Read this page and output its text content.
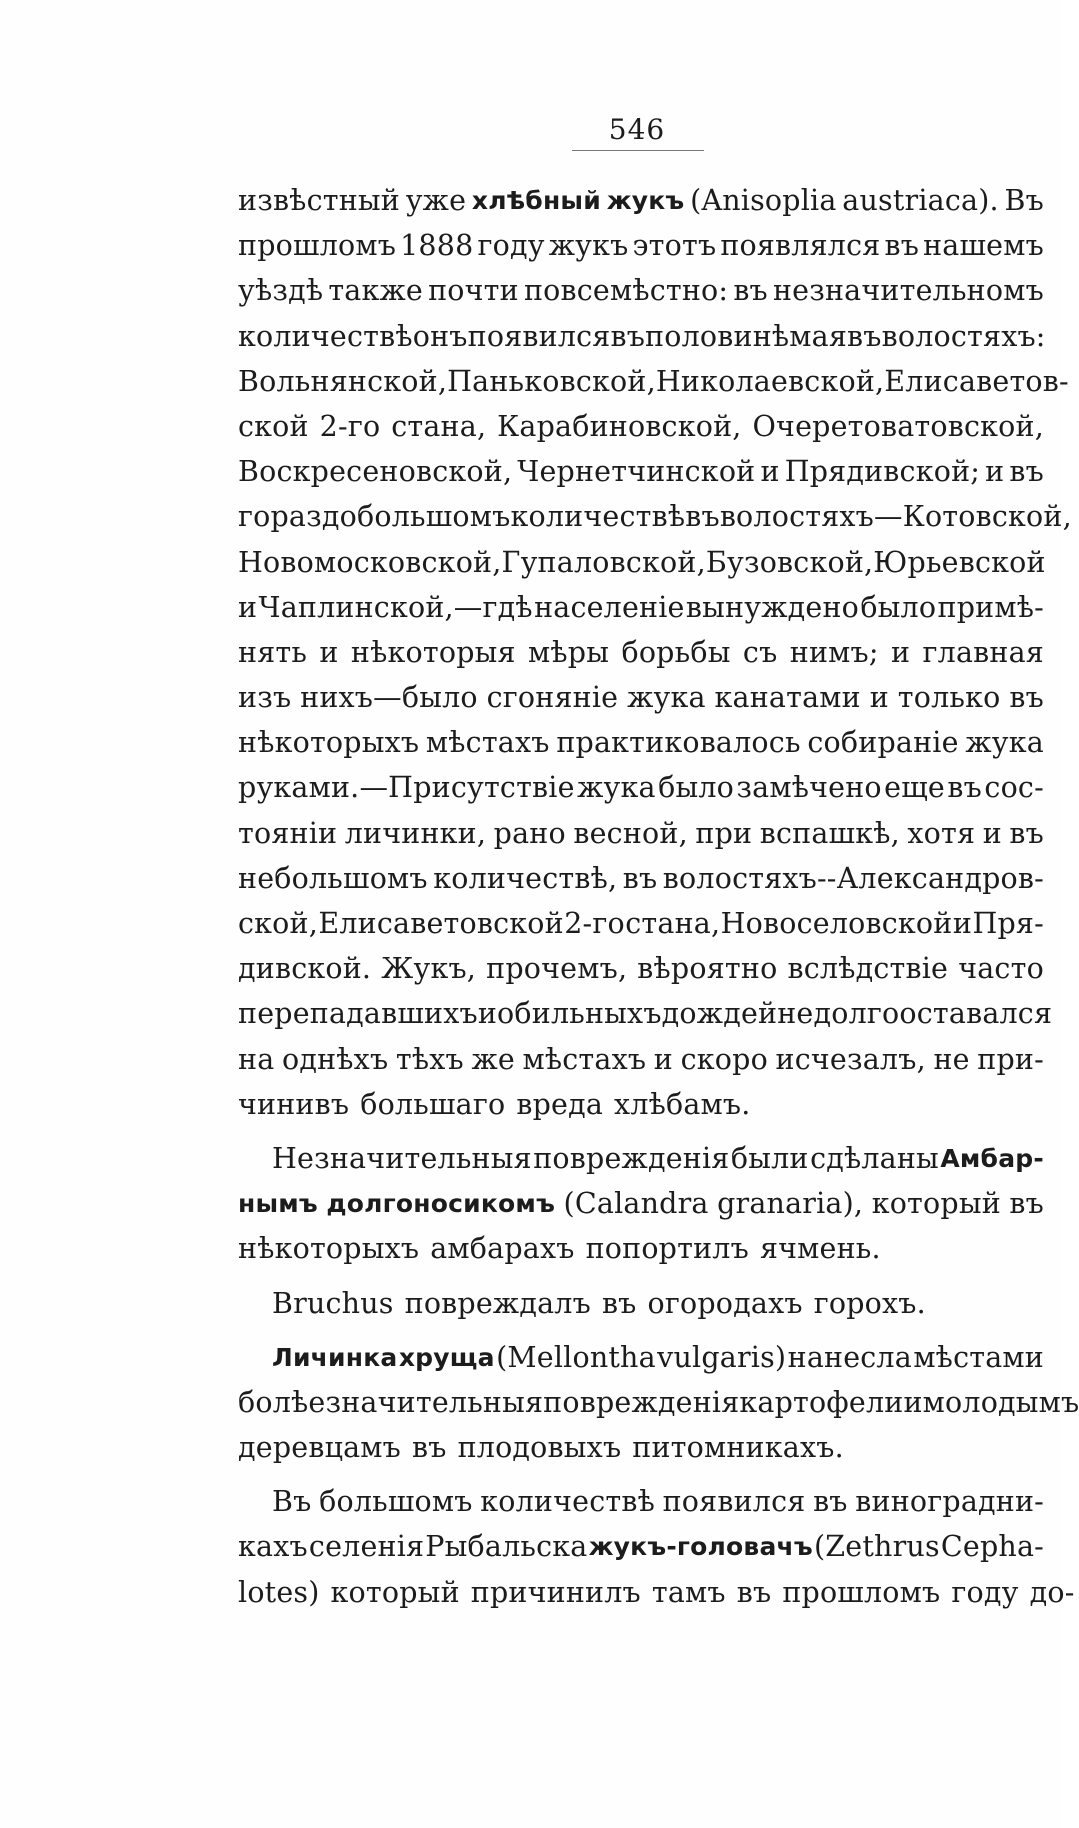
546
извѣстный уже хлѣбный жукъ (Anisoplia austriaca). Въ
прошломъ 1888 году жукъ этотъ появлялся въ нашемъ
уѣздѣ также почти повсемѣстно: въ незначительномъ
количествѣ онъ появился въ половинѣ мая въ волостяхъ:
Вольнянской, Паньковской, Николаевской, Елисаветов-
ской 2-го стана, Карабиновской, Очеретоватовской,
Воскресеновской, Чернетчинской и Прядивской; и въ
гораздо большомъ количествѣ въ волостяхъ—Котовской,
Новомосковской, Гупаловской, Бузовской, Юрьевской
и Чаплинской,—гдѣ населеніе вынуждено было примѣ-
нять и нѣкоторыя мѣры борьбы съ нимъ; и главная
изъ нихъ—было сгоняніе жука канатами и только въ
нѣкоторыхъ мѣстахъ практиковалось собираніе жука
руками.—Присутствіе жука было замѣчено еще въ сос-
тояніи личинки, рано весной, при вспашкѣ, хотя и въ
небольшомъ количествѣ, въ волостяхъ--Александров-
ской, Елисаветовской 2-го стана, Новоселовской и Пря-
дивской. Жукъ, прочемъ, вѣроятно вслѣдствіе часто
перепадавшихъ и обильныхъ дождей не долго оставался
на однѣхъ тѣхъ же мѣстахъ и скоро исчезалъ, не при-
чинивъ большаго вреда хлѣбамъ.
Незначительныя поврежденія были сдѣланы Амбар-
нымъ долгоносикомъ (Calandra granaria), который въ
нѣкоторыхъ амбарахъ попортилъ ячмень.
Bruchus повреждалъ въ огородахъ горохъ.
Личинка хруща (Mellontha vulgaris) нанесла мѣстами
болѣе значительныя поврежденія картофели и молодымъ
деревцамъ въ плодовыхъ питомникахъ.
Въ большомъ количествѣ появился въ виноградни-
кахъ селенія Рыбальска жукъ-головачъ (Zethrus Cepha-
lotes) который причинилъ тамъ въ прошломъ году до-
